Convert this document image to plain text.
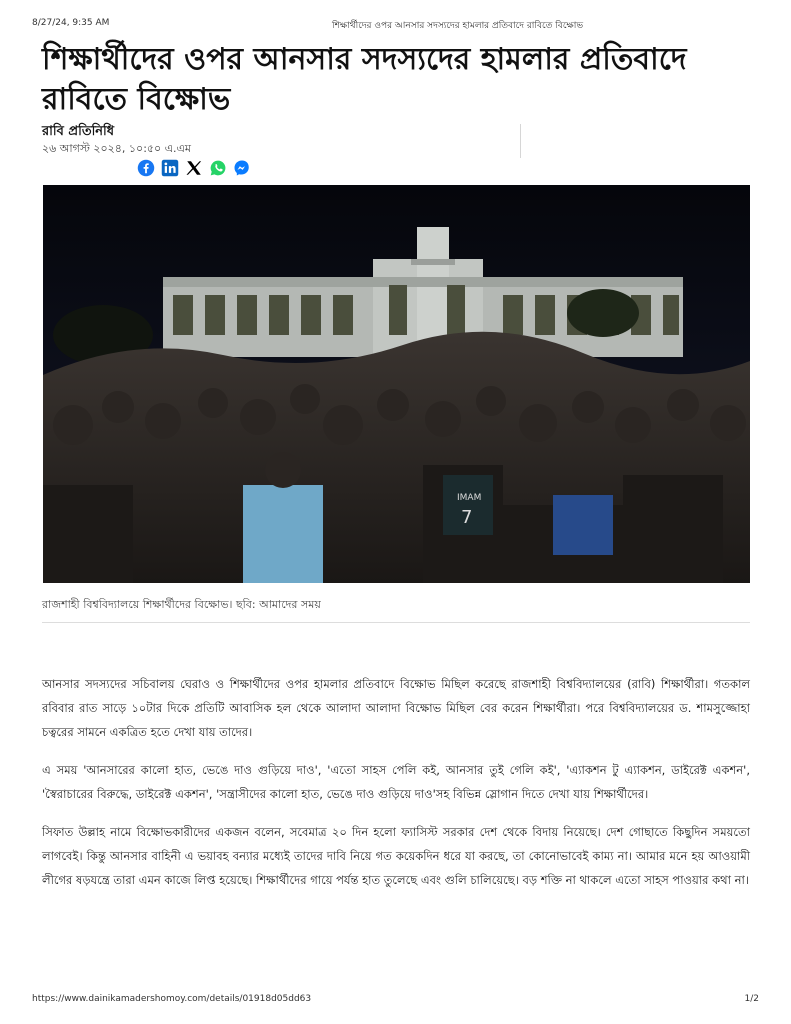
8/27/24, 9:35 AM	শিক্ষার্থীদের ওপর আনসার সদস্যদের হামলার প্রতিবাদে রাবিতে বিক্ষোভ
শিক্ষার্থীদের ওপর আনসার সদস্যদের হামলার প্রতিবাদে রাবিতে বিক্ষোভ

রাবি প্রতিনিধি

২৬ আগস্ট ২০২৪, ১০:৫০ এ.এম

IMAM
7
রাজশাহী বিশ্ববিদ্যালয়ে শিক্ষার্থীদের বিক্ষোভ। ছবি: আমাদের সময়

আনসার সদস্যদের সচিবালয় ঘেরাও ও শিক্ষার্থীদের ওপর হামলার প্রতিবাদে বিক্ষোভ মিছিল করেছে রাজশাহী বিশ্ববিদ্যালয়ের (রাবি) শিক্ষার্থীরা। গতকাল রবিবার রাত সাড়ে ১০টার দিকে প্রতিটি আবাসিক হল থেকে আলাদা আলাদা বিক্ষোভ মিছিল বের করেন শিক্ষার্থীরা। পরে বিশ্ববিদ্যালয়ের ড. শামসুজ্জোহা চত্বরের সামনে একত্রিত হতে দেখা যায় তাদের।

এ সময় 'আনসারের কালো হাত, ভেঙে দাও গুড়িয়ে দাও', 'এতো সাহস পেলি কই, আনসার তুই গেলি কই', 'এ্যাকশন টু এ্যাকশন, ডাইরেক্ট একশন', 'স্বৈরাচারের বিরুদ্ধে, ডাইরেক্ট একশন', 'সন্ত্রাসীদের কালো হাত, ভেঙে দাও গুড়িয়ে দাও'সহ বিভিন্ন স্লোগান দিতে দেখা যায় শিক্ষার্থীদের।

সিফাত উল্লাহ নামে বিক্ষোভকারীদের একজন বলেন, সবেমাত্র ২০ দিন হলো ফ্যাসিস্ট সরকার দেশ থেকে বিদায় নিয়েছে। দেশ গোছাতে কিছুদিন সময়তো লাগবেই। কিন্তু আনসার বাহিনী এ ভয়াবহ বন্যার মধ্যেই তাদের দাবি নিয়ে গত কয়েকদিন ধরে যা করছে, তা কোনোভাবেই কাম্য না। আমার মনে হয় আওয়ামী লীগের ষড়যন্ত্রে তারা এমন কাজে লিপ্ত হয়েছে। শিক্ষার্থীদের গায়ে পর্যন্ত হাত তুলেছে এবং গুলি চালিয়েছে। বড় শক্তি না থাকলে এতো সাহস পাওয়ার কথা না।

https://www.dainikamadershomoy.com/details/01918d05dd63	1/2
